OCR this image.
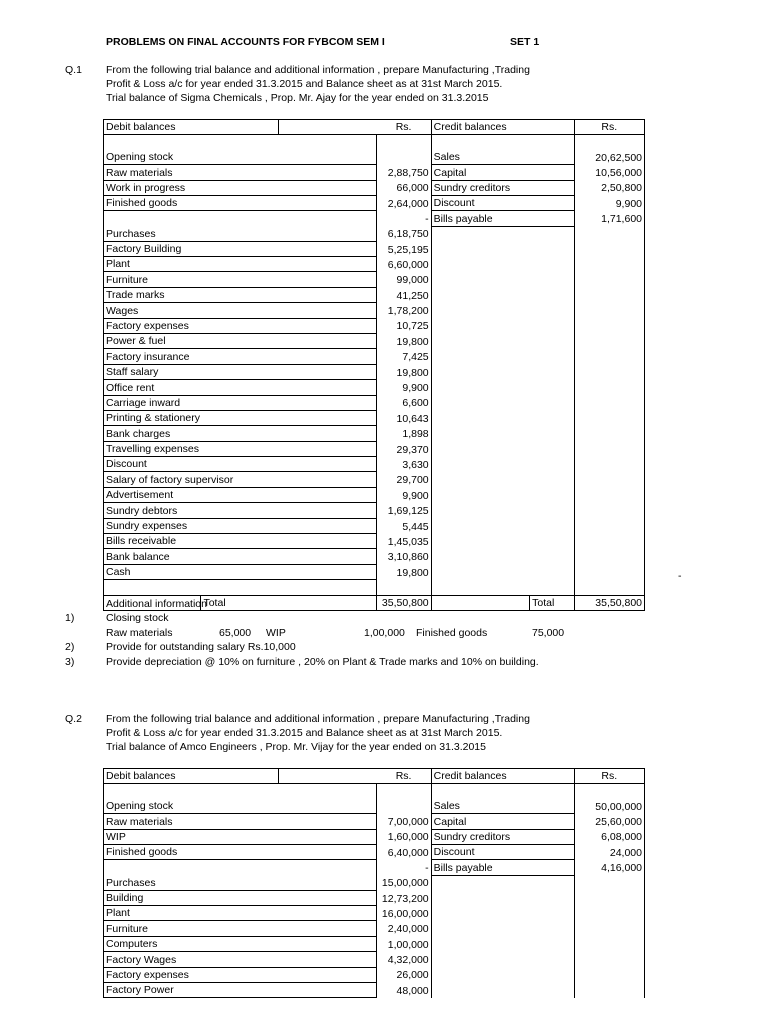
PROBLEMS ON FINAL ACCOUNTS FOR FYBCOM SEM I	SET 1
Q.1 From the following trial balance and additional information , prepare Manufacturing ,Trading
Profit & Loss a/c for year ended 31.3.2015 and Balance sheet as at 31st March 2015.
Trial balance of Sigma Chemicals , Prop. Mr. Ajay for the year ended on 31.3.2015
Debit balances			Rs.	Credit balances		Rs.

Opening stock				Sales		20,62,500
Raw materials			2,88,750	Capital		10,56,000
Work in progress			66,000	Sundry creditors		2,50,800
Finished goods			2,64,000	Discount		9,900
			-	Bills payable		1,71,600
Purchases			6,18,750			
Factory Building			5,25,195			
Plant			6,60,000			
Furniture			99,000			
Trade marks			41,250			
Wages			1,78,200			
Factory expenses			10,725			
Power & fuel			19,800			
Factory insurance			7,425			
Staff salary			19,800			
Office rent			9,900			
Carriage inward			6,600			
Printing & stationery			10,643			
Bank charges			1,898			
Travelling expenses			29,370			
Discount			3,630			
Salary of factory supervisor			29,700			
Advertisement			9,900			
Sundry debtors			1,69,125			
Sundry expenses			5,445			
Bills receivable			1,45,035			
Bank balance			3,10,860			
Cash			19,800			

	Total		35,50,800		Total	35,50,800
-
Additional information
1)	Closing stock
Raw materials	65,000 WIP	1,00,000 Finished goods	75,000
2)	Provide for outstanding salary Rs.10,000
3)	Provide depreciation @ 10% on furniture , 20% on Plant & Trade marks and 10% on building.
Q.2 From the following trial balance and additional information , prepare Manufacturing ,Trading
Profit & Loss a/c for year ended 31.3.2015 and Balance sheet as at 31st March 2015.
Trial balance of Amco Engineers , Prop. Mr. Vijay for the year ended on 31.3.2015
Debit balances			Rs.	Credit balances		Rs.

Opening stock				Sales		50,00,000
Raw materials			7,00,000	Capital		25,60,000
WIP			1,60,000	Sundry creditors		6,08,000
Finished goods			6,40,000	Discount		24,000
			-	Bills payable		4,16,000
Purchases			15,00,000			
Building			12,73,200			
Plant			16,00,000			
Furniture			2,40,000			
Computers			1,00,000			
Factory Wages			4,32,000			
Factory expenses			26,000			
Factory Power			48,000			
